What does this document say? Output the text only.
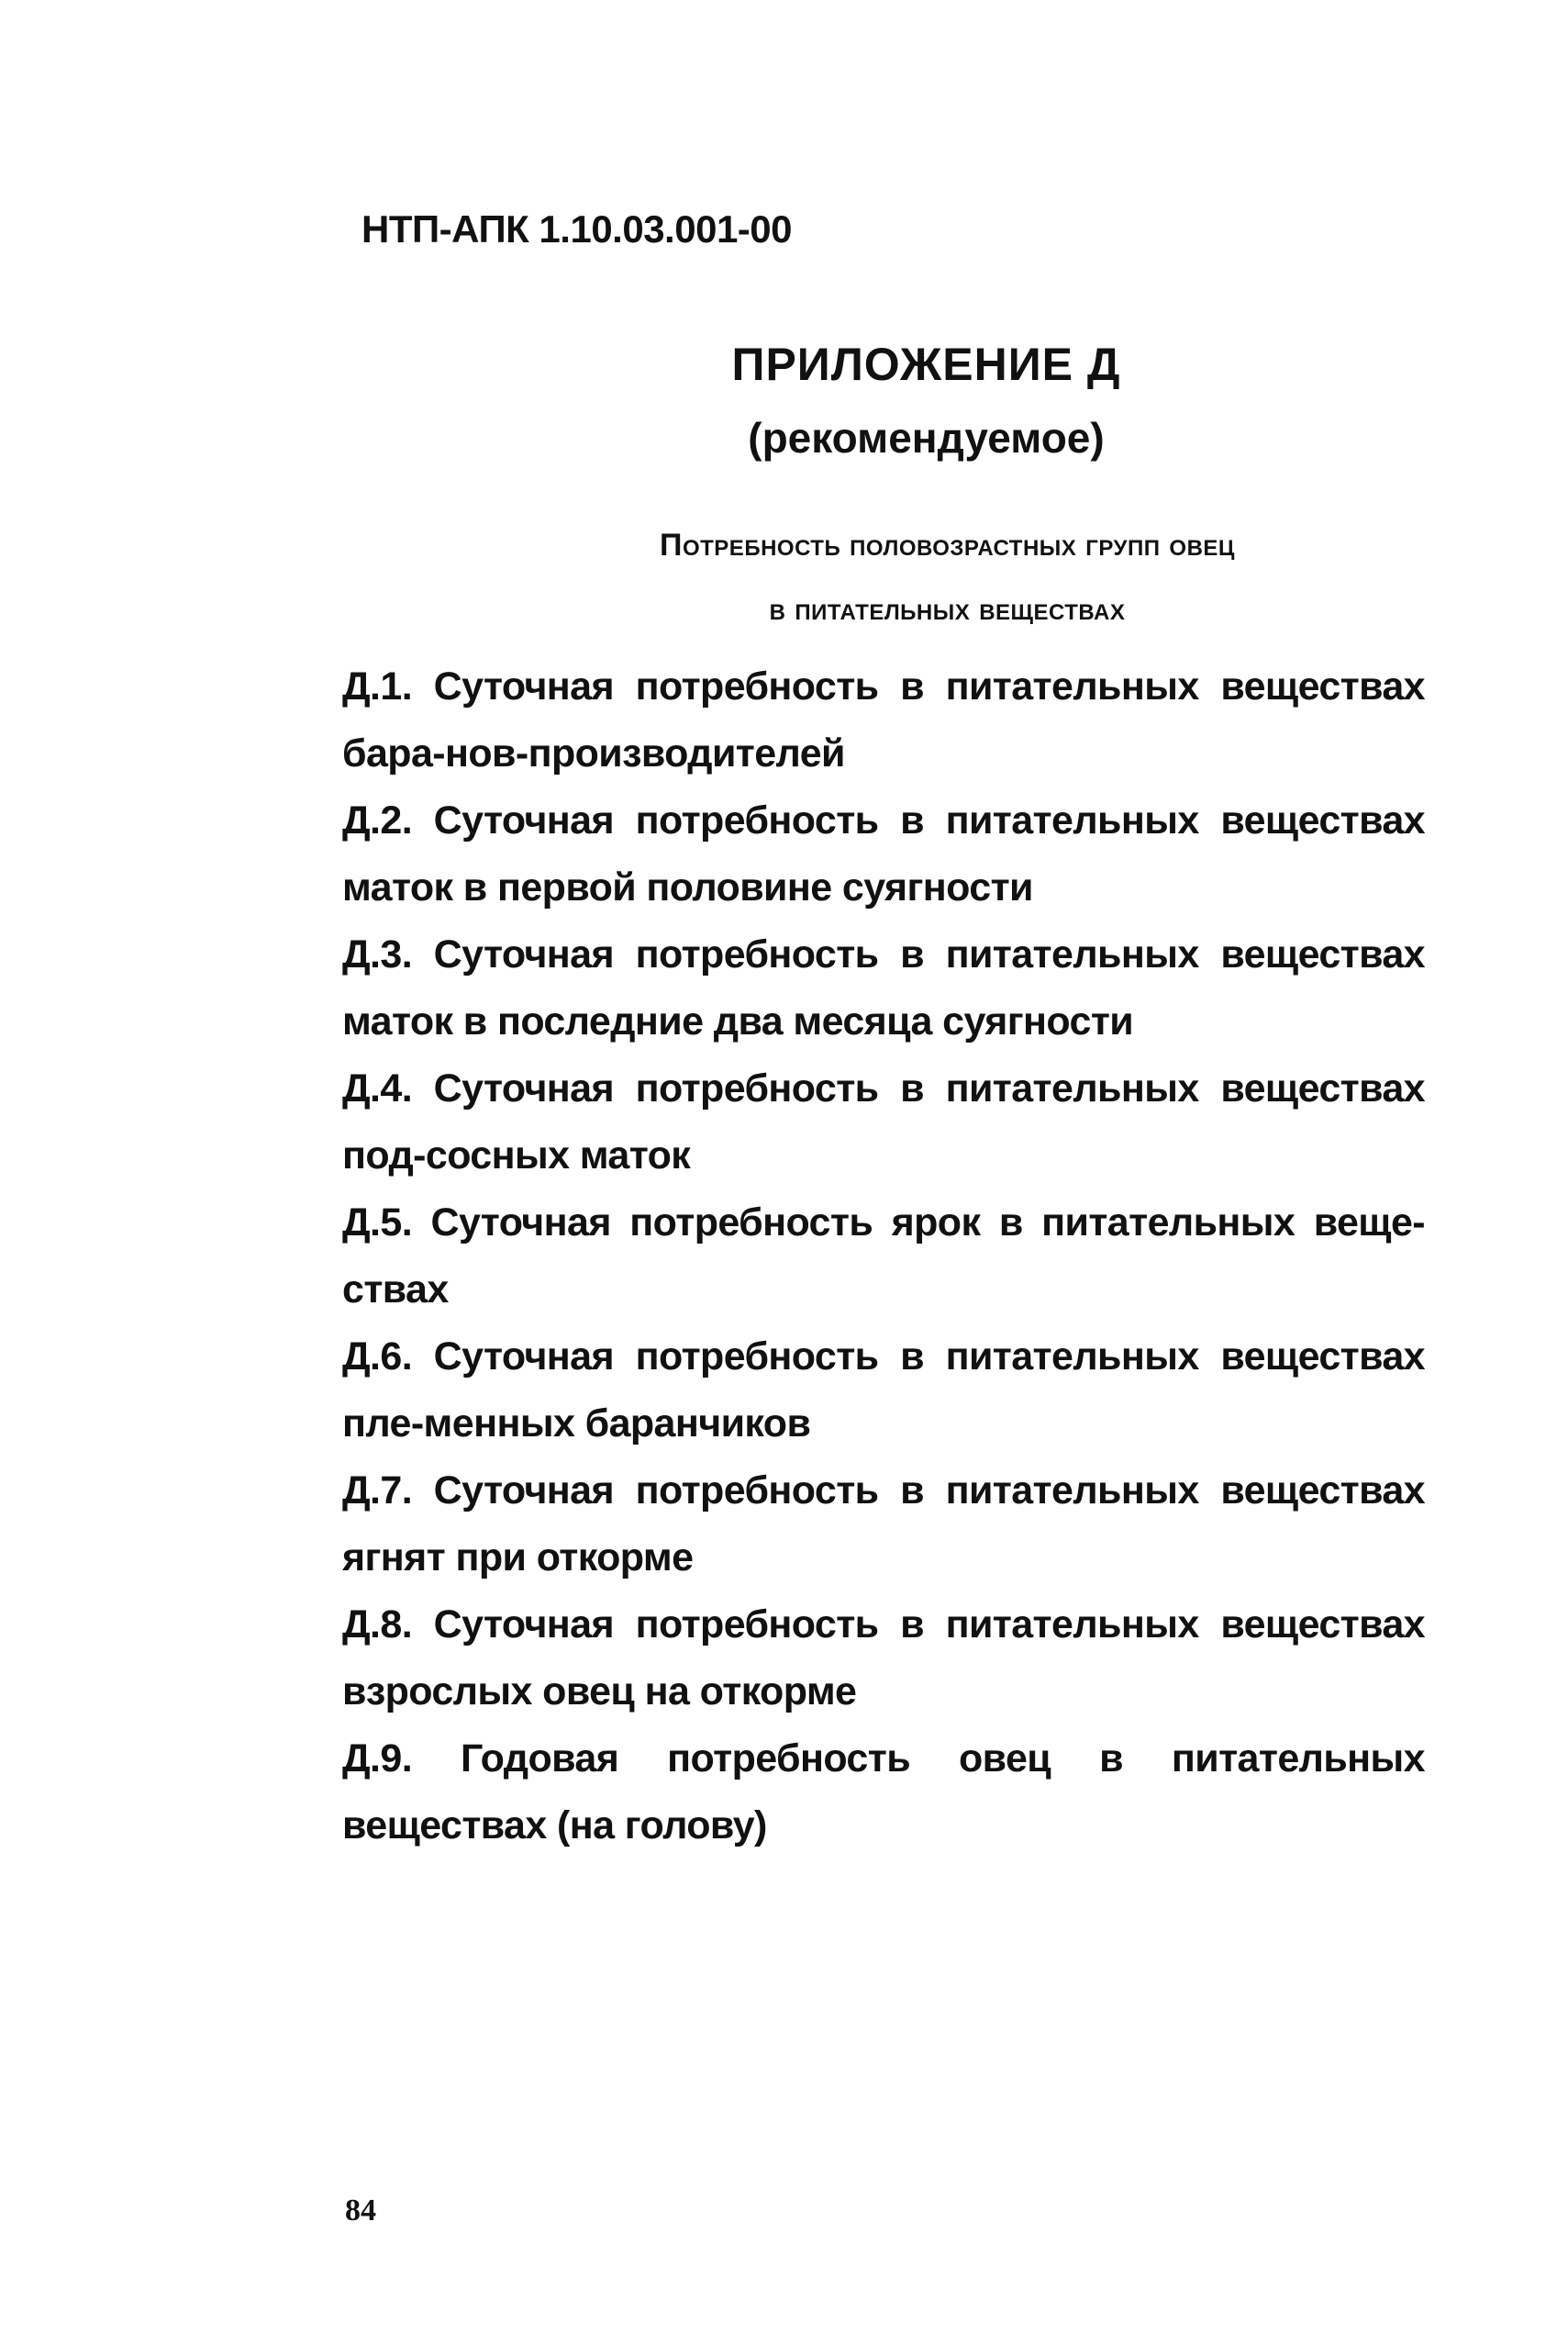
НТП-АПК 1.10.03.001-00
ПРИЛОЖЕНИЕ Д
(рекомендуемое)
Потребность половозрастных групп овец
в питательных веществах
Д.1. Суточная потребность в питательных веществах бара-нов-производителей
Д.2. Суточная потребность в питательных веществах маток в первой половине суягности
Д.3. Суточная потребность в питательных веществах маток в последние два месяца суягности
Д.4. Суточная потребность в питательных веществах под-сосных маток
Д.5. Суточная потребность ярок в питательных веще-ствах
Д.6. Суточная потребность в питательных веществах пле-менных баранчиков
Д.7. Суточная потребность в питательных веществах ягнят при откорме
Д.8. Суточная потребность в питательных веществах взрослых овец на откорме
Д.9. Годовая потребность овец в питательных веществах (на голову)
84
